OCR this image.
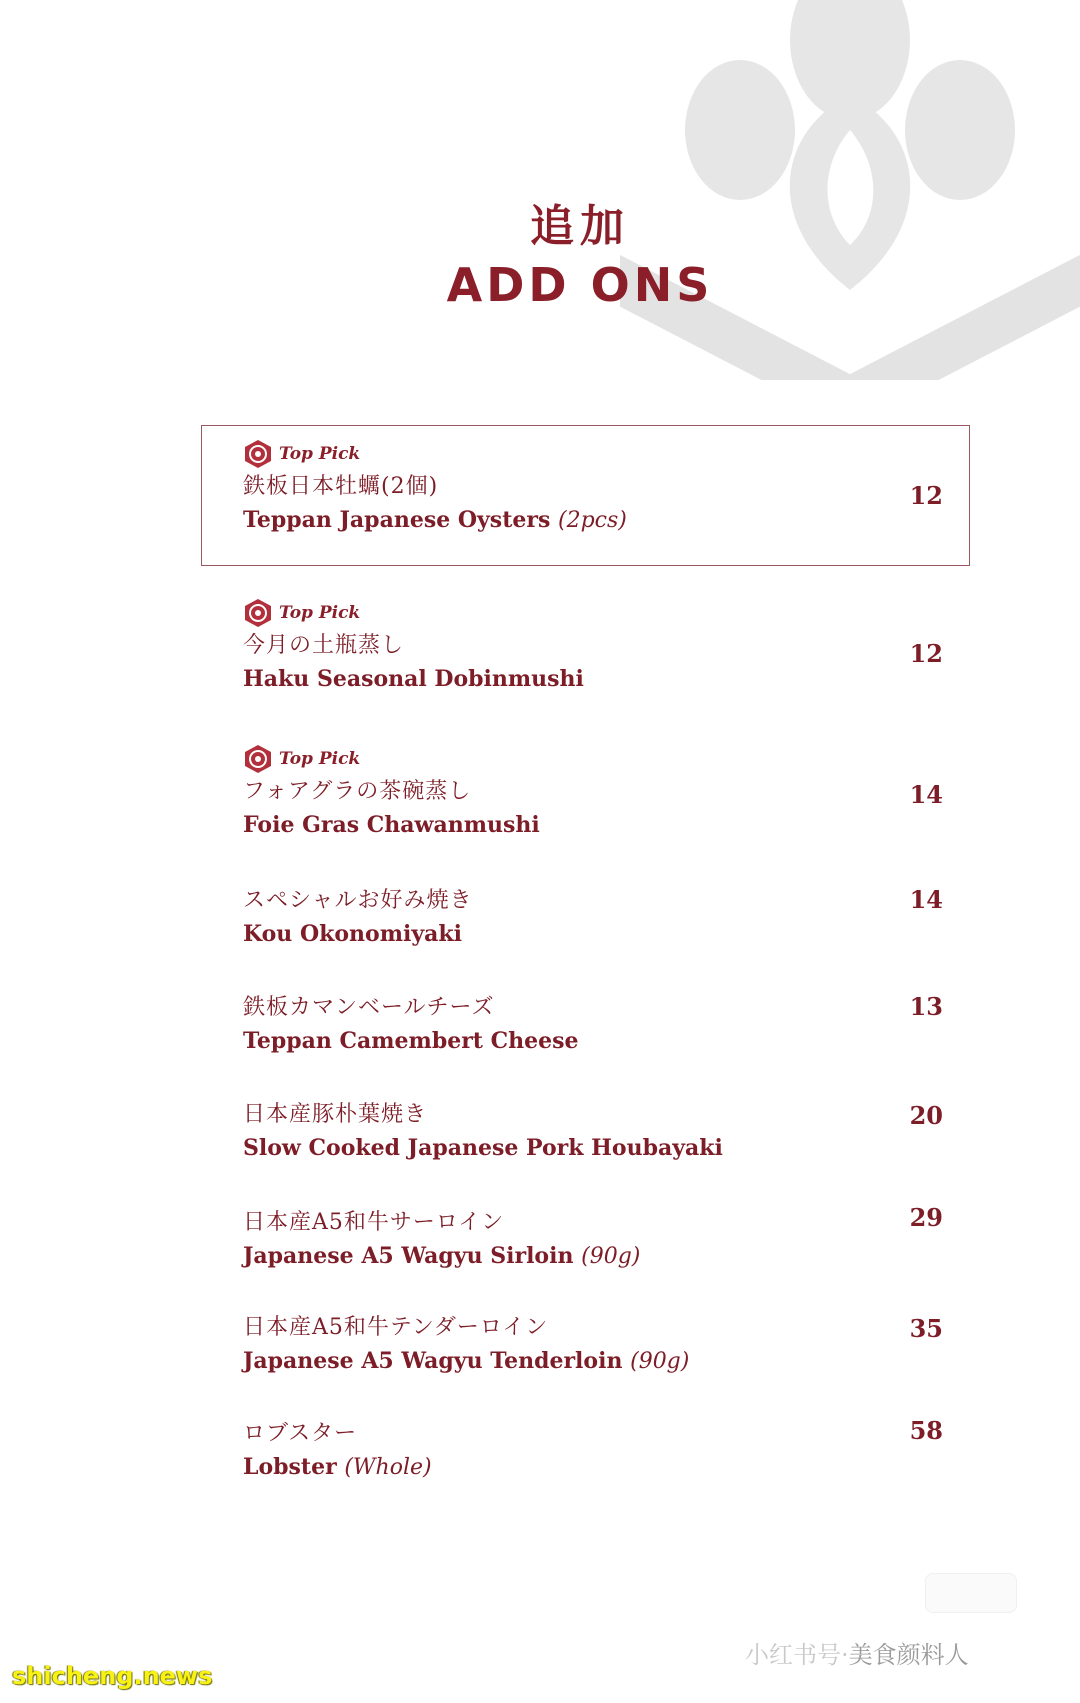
追加
ADD ONS
Top Pick
鉄板日本牡蠣(2個)
Teppan Japanese Oysters (2pcs)
12
Top Pick
今月の土瓶蒸し
Haku Seasonal Dobinmushi
12
Top Pick
フォアグラの茶碗蒸し
Foie Gras Chawanmushi
14
スペシャルお好み焼き
Kou Okonomiyaki
14
鉄板カマンベールチーズ
Teppan Camembert Cheese
13
日本産豚朴葉焼き
Slow Cooked Japanese Pork Houbayaki
20
日本産A5和牛サーロイン
Japanese A5 Wagyu Sirloin (90g)
29
日本産A5和牛テンダーロイン
Japanese A5 Wagyu Tenderloin (90g)
35
ロブスター
Lobster (Whole)
58
小红书号·美食颜料人
shicheng.news
